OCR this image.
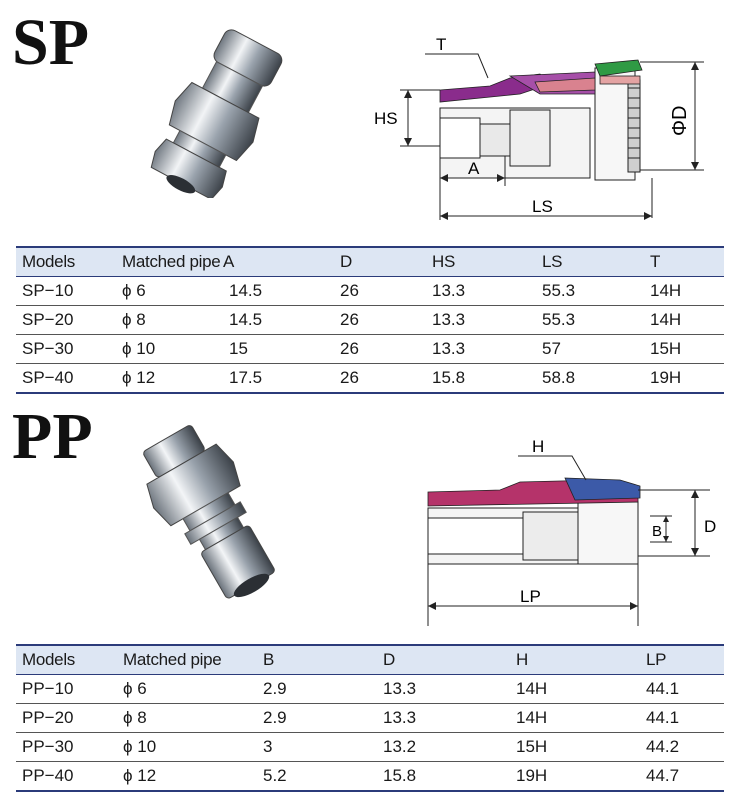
SP	T
HS
A
LS
ΦD
Models	Matched pipe	A	D	HS	LS	T
SP−10	ϕ 6	14.5	26	13.3	55.3	14H
SP−20	ϕ 8	14.5	26	13.3	55.3	14H
SP−30	ϕ 10	15	26	13.3	57	15H
SP−40	ϕ 12	17.5	26	15.8	58.8	19H
PP	H
B D
LP
Models	Matched pipe	B	D	H	LP
PP−10	ϕ 6	2.9	13.3	14H	44.1
PP−20	ϕ 8	2.9	13.3	14H	44.1
PP−30	ϕ 10	3	13.2	15H	44.2
PP−40	ϕ 12	5.2	15.8	19H	44.7
